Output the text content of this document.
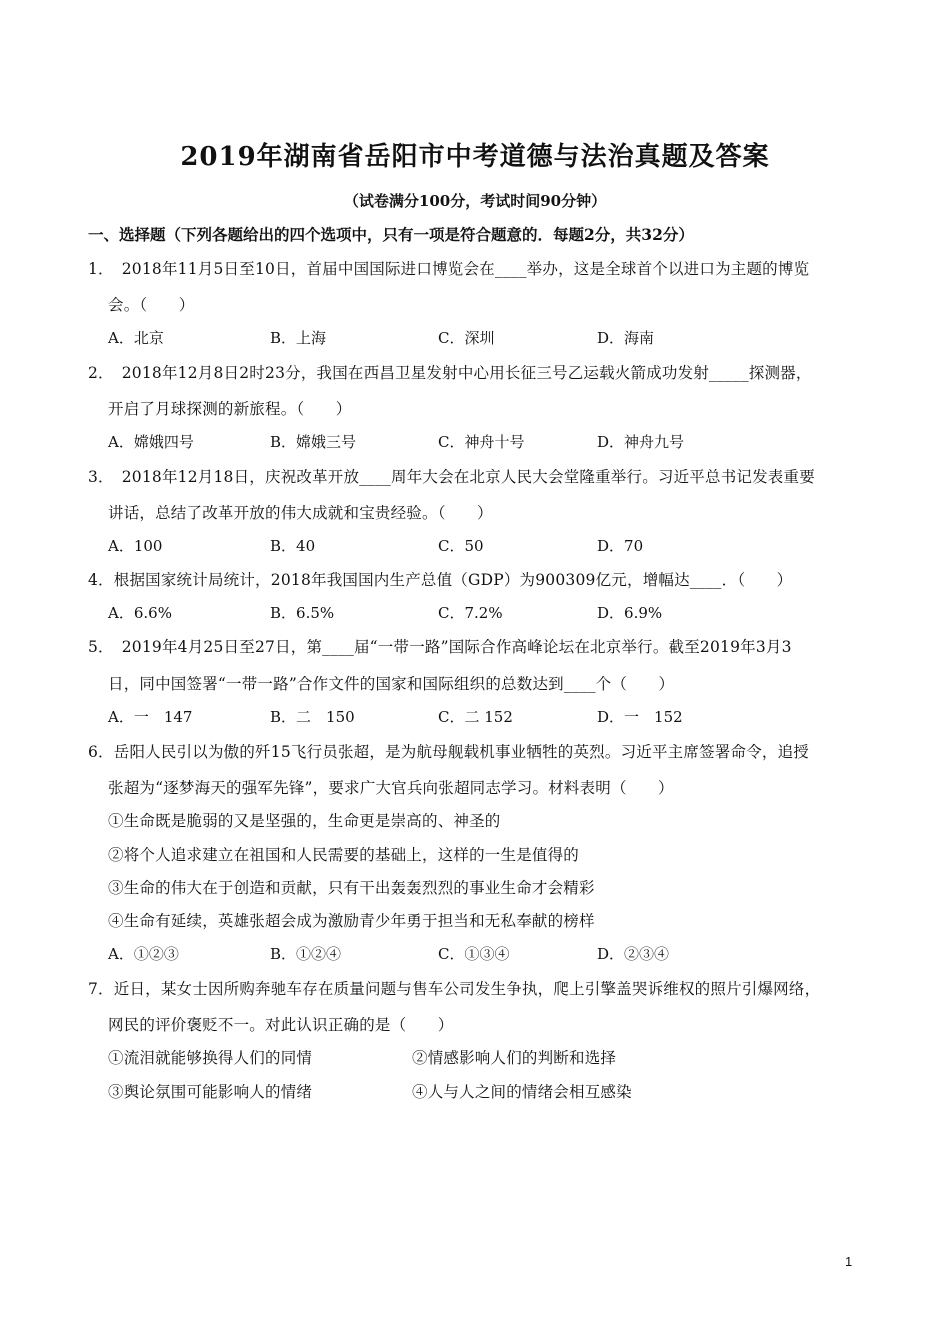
2019年湖南省岳阳市中考道德与法治真题及答案
（试卷满分100分，考试时间90分钟）
一、选择题（下列各题给出的四个选项中，只有一项是符合题意的．每题2分，共32分）
1．　2018年11月5日至10日，首届中国国际进口博览会在____举办，这是全球首个以进口为主题的博览
会。（　　）
A．北京	B．上海	C．深圳	D．海南
2．　2018年12月8日2时23分，我国在西昌卫星发射中心用长征三号乙运载火箭成功发射_____探测器，
开启了月球探测的新旅程。（　　）
A．嫦娥四号	B．嫦娥三号	C．神舟十号	D．神舟九号
3．　2018年12月18日，庆祝改革开放____周年大会在北京人民大会堂隆重举行。习近平总书记发表重要
讲话，总结了改革开放的伟大成就和宝贵经验。（　　）
A．100	B．40	C．50	D．70
4．根据国家统计局统计，2018年我国国内生产总值（GDP）为900309亿元，增幅达____．（　　）
A．6.6%	B．6.5%	C．7.2%	D．6.9%
5．　2019年4月25日至27日，第____届“一带一路”国际合作高峰论坛在北京举行。截至2019年3月3
日，同中国签署“一带一路”合作文件的国家和国际组织的总数达到____个（　　）
A．一　147	B．二　150	C．二 152	D．一　152
6．岳阳人民引以为傲的歼15飞行员张超，是为航母舰载机事业牺牲的英烈。习近平主席签署命令，追授
张超为“逐梦海天的强军先锋”，要求广大官兵向张超同志学习。材料表明（　　）
①生命既是脆弱的又是坚强的，生命更是崇高的、神圣的
②将个人追求建立在祖国和人民需要的基础上，这样的一生是值得的
③生命的伟大在于创造和贡献，只有干出轰轰烈烈的事业生命才会精彩
④生命有延续，英雄张超会成为激励青少年勇于担当和无私奉献的榜样
A．①②③	B．①②④	C．①③④	D．②③④
7．近日，某女士因所购奔驰车存在质量问题与售车公司发生争执，爬上引擎盖哭诉维权的照片引爆网络，
网民的评价褒贬不一。对此认识正确的是（　　）
①流泪就能够换得人们的同情	②情感影响人们的判断和选择
③舆论氛围可能影响人的情绪	④人与人之间的情绪会相互感染
1
